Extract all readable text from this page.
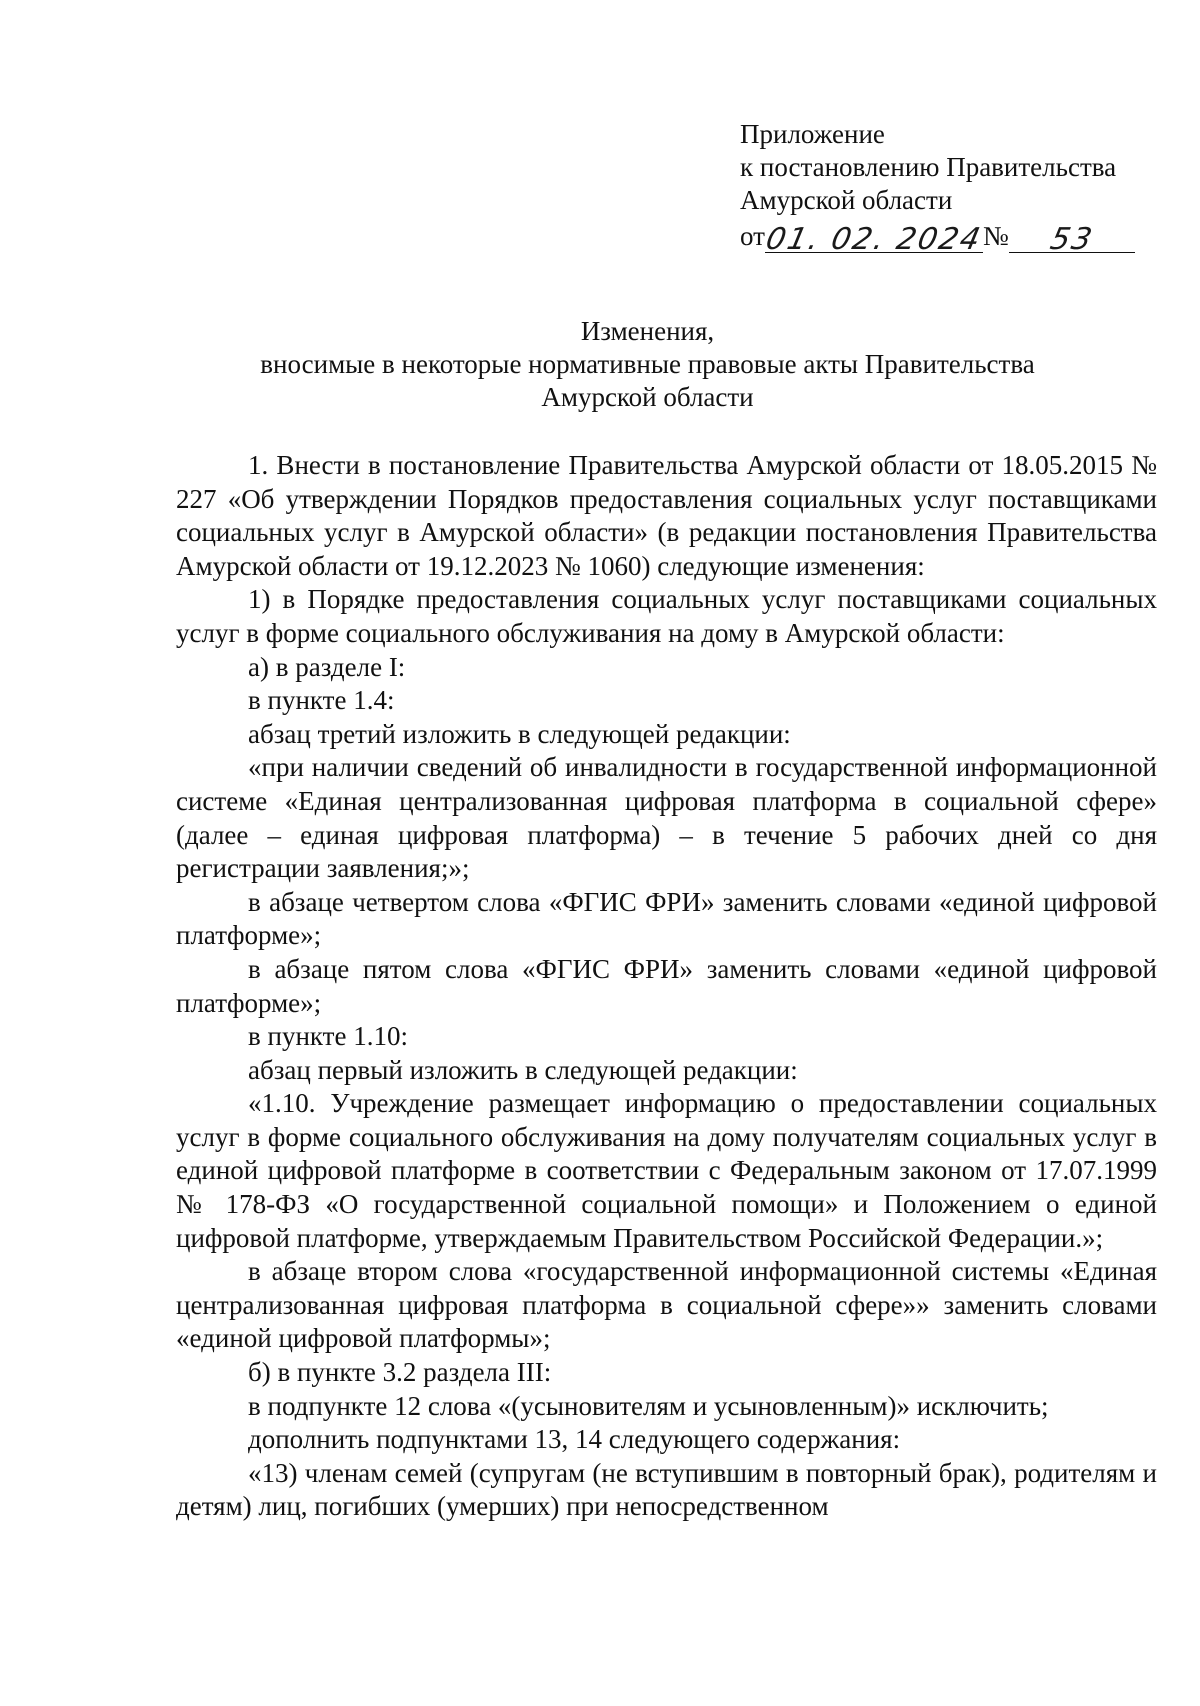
Приложение
к постановлению Правительства
Амурской области
от
01. 02. 2024
№	53
Изменения,
вносимые в некоторые нормативные правовые акты Правительства
Амурской области

1. Внести в постановление Правительства Амурской области от 18.05.2015 № 227 «Об утверждении Порядков предоставления социальных услуг поставщиками социальных услуг в Амурской области» (в редакции постановления Правительства Амурской области от 19.12.2023 № 1060) следующие изменения:

1) в Порядке предоставления социальных услуг поставщиками социальных услуг в форме социального обслуживания на дому в Амурской области:

а) в разделе I:

в пункте 1.4:

абзац третий изложить в следующей редакции:

«при наличии сведений об инвалидности в государственной информационной системе «Единая централизованная цифровая платформа в социальной сфере» (далее – единая цифровая платформа) – в течение 5 рабочих дней со дня регистрации заявления;»;

в абзаце четвертом слова «ФГИС ФРИ» заменить словами «единой цифровой платформе»;

в абзаце пятом слова «ФГИС ФРИ» заменить словами «единой цифровой платформе»;

в пункте 1.10:

абзац первый изложить в следующей редакции:

«1.10. Учреждение размещает информацию о предоставлении социальных услуг в форме социального обслуживания на дому получателям социальных услуг в единой цифровой платформе в соответствии с Федеральным законом от 17.07.1999 № 178-ФЗ «О государственной социальной помощи» и Положением о единой цифровой платформе, утверждаемым Правительством Российской Федерации.»;

в абзаце втором слова «государственной информационной системы «Единая централизованная цифровая платформа в социальной сфере»» заменить словами «единой цифровой платформы»;

б) в пункте 3.2 раздела III:

в подпункте 12 слова «(усыновителям и усыновленным)» исключить;

дополнить подпунктами 13, 14 следующего содержания:

«13) членам семей (супругам (не вступившим в повторный брак), родителям и детям) лиц, погибших (умерших) при непосредственном
